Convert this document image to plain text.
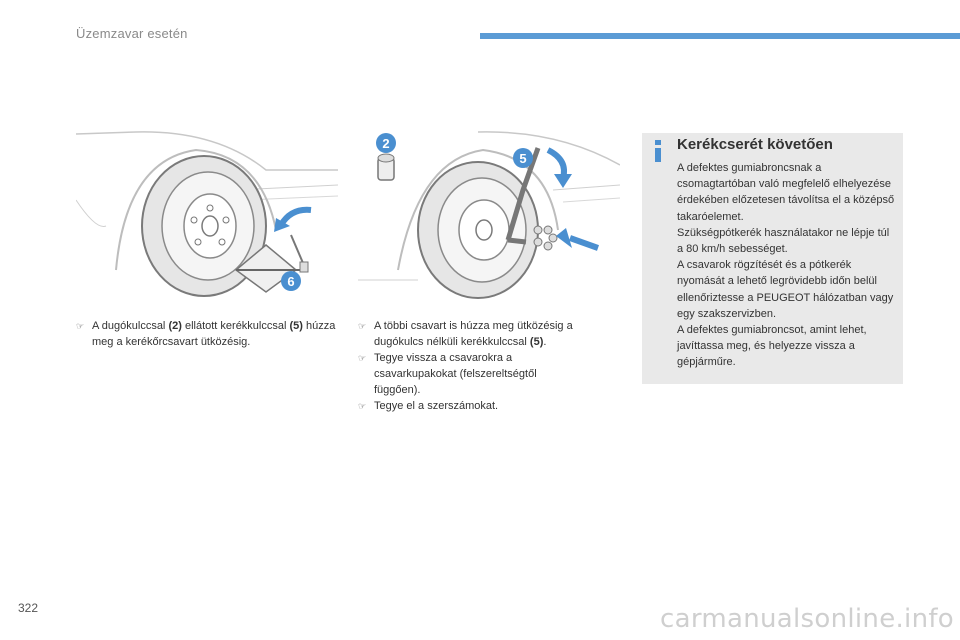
Üzemzavar esetén
6
2
5
☞ A dugókulccsal (2) ellátott kerékkulccsal (5) húzza meg a kerékőrcsavart ütközésig.
☞ A többi csavart is húzza meg ütközésig a dugókulcs nélküli kerékkulccsal (5).
☞ Tegye vissza a csavarokra a csavarkupakokat (felszereltségtől függően).
☞ Tegye el a szerszámokat.
Kerékcserét követően

A defektes gumiabroncsnak a csomagtartóban való megfelelő elhelyezése érdekében előzetesen távolítsa el a középső takaróelemet.

Szükségpótkerék használatakor ne lépje túl a 80 km/h sebességet.

A csavarok rögzítését és a pótkerék nyomását a lehető legrövidebb időn belül ellenőriztesse a PEUGEOT hálózatban vagy egy szakszervizben.

A defektes gumiabroncsot, amint lehet, javíttassa meg, és helyezze vissza a gépjárműre.

322	carmanualsonline.info
